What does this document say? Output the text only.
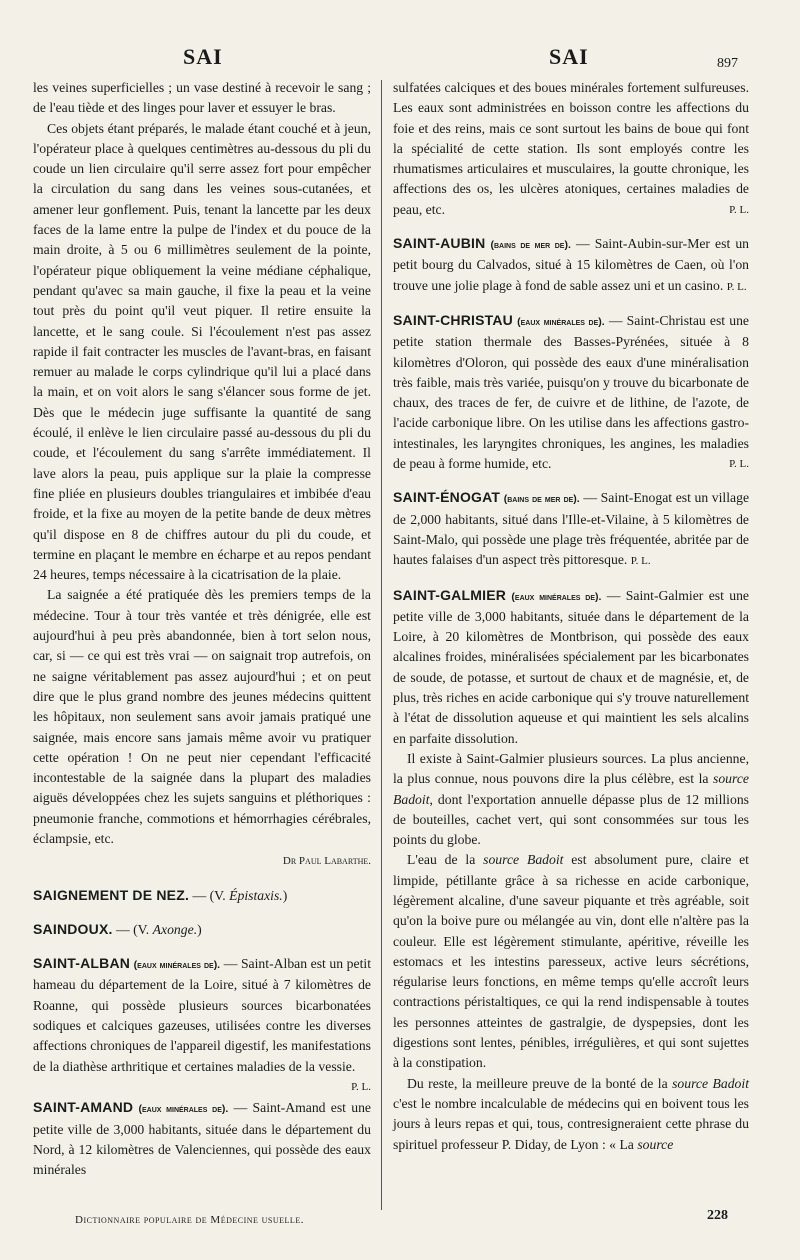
SAI	SAI	897

les veines superficielles ; un vase destiné à recevoir le sang ; de l'eau tiède et des linges pour laver et essuyer le bras.

Ces objets étant préparés, le malade étant couché et à jeun, l'opérateur place à quelques centimètres au-dessous du pli du coude un lien circulaire qu'il serre assez fort pour empêcher la circulation du sang dans les veines sous-cutanées, et amener leur gonflement. Puis, tenant la lancette par les deux faces de la lame entre la pulpe de l'index et du pouce de la main droite, à 5 ou 6 millimètres seulement de la pointe, l'opérateur pique obliquement la veine médiane céphalique, pendant qu'avec sa main gauche, il fixe la peau et la veine tout près du point qu'il veut piquer. Il retire ensuite la lancette, et le sang coule. Si l'écoulement n'est pas assez rapide il fait contracter les muscles de l'avant-bras, en faisant remuer au malade le corps cylindrique qu'il lui a placé dans la main, et on voit alors le sang s'élancer sous forme de jet. Dès que le médecin juge suffisante la quantité de sang écoulé, il enlève le lien circulaire passé au-dessous du pli du coude, et l'écoulement du sang s'arrête immédiatement. Il lave alors la peau, puis applique sur la plaie la compresse fine pliée en plusieurs doubles triangulaires et imbibée d'eau froide, et la fixe au moyen de la petite bande de deux mètres qu'il dispose en 8 de chiffres autour du pli du coude, et termine en plaçant le membre en écharpe et au repos pendant 24 heures, temps nécessaire à la cicatrisation de la plaie.

La saignée a été pratiquée dès les premiers temps de la médecine. Tour à tour très vantée et très dénigrée, elle est aujourd'hui à peu près abandonnée, bien à tort selon nous, car, si — ce qui est très vrai — on saignait trop autrefois, on ne saigne véritablement pas assez aujourd'hui ; et on peut dire que le plus grand nombre des jeunes médecins quittent les hôpitaux, non seulement sans avoir jamais pratiqué une saignée, mais encore sans jamais même avoir vu pratiquer cette opération ! On ne peut nier cependant l'efficacité incontestable de la saignée dans la plupart des maladies aiguës développées chez les sujets sanguins et pléthoriques : pneumonie franche, commotions et hémorrhagies cérébrales, éclampsie, etc.

Dr Paul Labarthe.

SAIGNEMENT DE NEZ. — (V. Épistaxis.)

SAINDOUX. — (V. Axonge.)

SAINT-ALBAN (eaux minérales de). — Saint-Alban est un petit hameau du département de la Loire, situé à 7 kilomètres de Roanne, qui possède plusieurs sources bicarbonatées sodiques et calciques gazeuses, utilisées contre les diverses affections chroniques de l'appareil digestif, les manifestations de la diathèse arthritique et certaines maladies de la vessie.
P. L.

SAINT-AMAND (eaux minérales de). — Saint-Amand est une petite ville de 3,000 habitants, située dans le département du Nord, à 12 kilomètres de Valenciennes, qui possède des eaux minérales

sulfatées calciques et des boues minérales fortement sulfureuses. Les eaux sont administrées en boisson contre les affections du foie et des reins, mais ce sont surtout les bains de boue qui font la spécialité de cette station. Ils sont employés contre les rhumatismes articulaires et musculaires, la goutte chronique, les affections des os, les ulcères atoniques, certaines maladies de peau, etc.	P. L.

SAINT-AUBIN (bains de mer de). — Saint-Aubin-sur-Mer est un petit bourg du Calvados, situé à 15 kilomètres de Caen, où l'on trouve une jolie plage à fond de sable assez uni et un casino. P. L.

SAINT-CHRISTAU (eaux minérales de). — Saint-Christau est une petite station thermale des Basses-Pyrénées, située à 8 kilomètres d'Oloron, qui possède des eaux d'une minéralisation très faible, mais très variée, puisqu'on y trouve du bicarbonate de chaux, des traces de fer, de cuivre et de lithine, de l'azote, de l'acide carbonique libre. On les utilise dans les affections gastro-intestinales, les laryngites chroniques, les angines, les maladies de peau à forme humide, etc.	P. L.

SAINT-ÉNOGAT (bains de mer de). — Saint-Enogat est un village de 2,000 habitants, situé dans l'Ille-et-Vilaine, à 5 kilomètres de Saint-Malo, qui possède une plage très fréquentée, abritée par de hautes falaises d'un aspect très pittoresque. P. L.

SAINT-GALMIER (eaux minérales de). — Saint-Galmier est une petite ville de 3,000 habitants, située dans le département de la Loire, à 20 kilomètres de Montbrison, qui possède des eaux alcalines froides, minéralisées spécialement par les bicarbonates de soude, de potasse, et surtout de chaux et de magnésie, et, de plus, très riches en acide carbonique qui s'y trouve naturellement à l'état de dissolution aqueuse et qui maintient les sels alcalins en parfaite dissolution.

Il existe à Saint-Galmier plusieurs sources. La plus ancienne, la plus connue, nous pouvons dire la plus célèbre, est la source Badoit, dont l'exportation annuelle dépasse plus de 12 millions de bouteilles, cachet vert, qui sont consommées sur tous les points du globe.

L'eau de la source Badoit est absolument pure, claire et limpide, pétillante grâce à sa richesse en acide carbonique, légèrement alcaline, d'une saveur piquante et très agréable, soit qu'on la boive pure ou mélangée au vin, dont elle n'altère pas la couleur. Elle est légèrement stimulante, apéritive, réveille les estomacs et les intestins paresseux, active leurs sécrétions, régularise leurs fonctions, en même temps qu'elle accroît leurs contractions péristaltiques, ce qui la rend indispensable à toutes les personnes atteintes de gastralgie, de dyspepsies, dont les digestions sont lentes, pénibles, irrégulières, et qui sont sujettes à la constipation.

Du reste, la meilleure preuve de la bonté de la source Badoit c'est le nombre incalculable de médecins qui en boivent tous les jours à leurs repas et qui, tous, contresigneraient cette phrase du spirituel professeur P. Diday, de Lyon : « La source

Dictionnaire populaire de Médecine usuelle.	228
